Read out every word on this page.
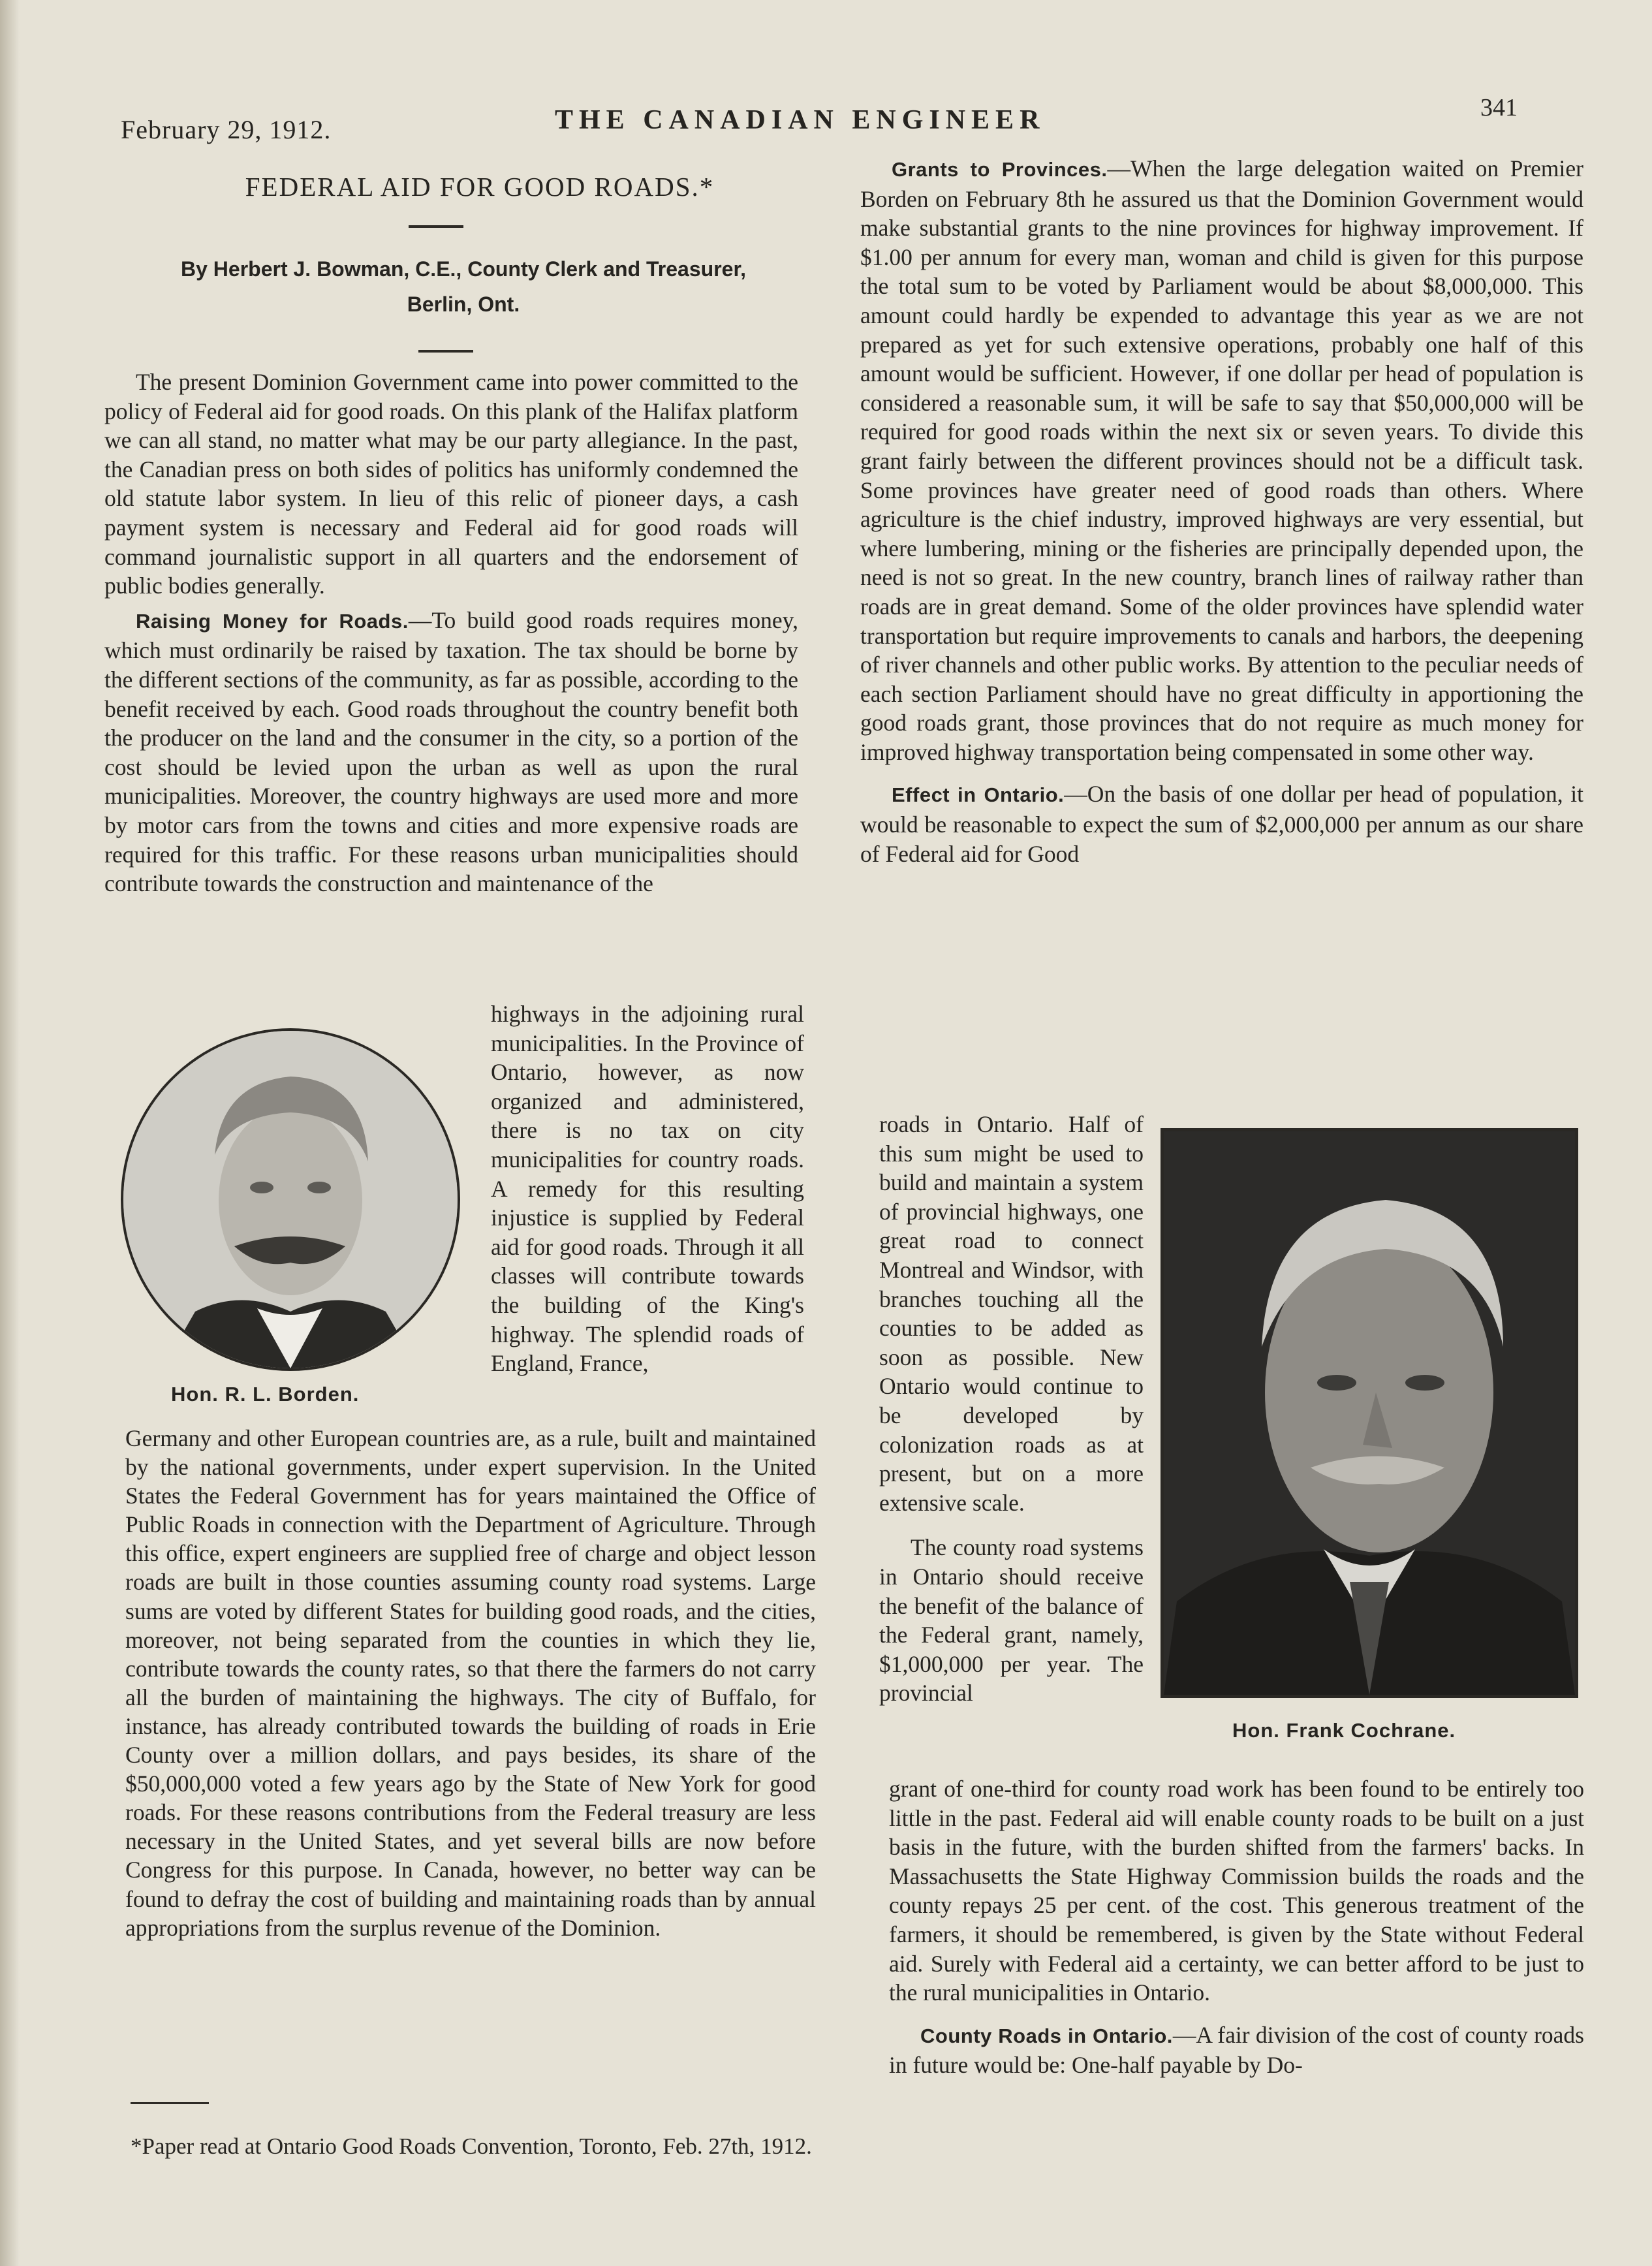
February 29, 1912.	THE CANADIAN ENGINEER	341
FEDERAL AID FOR GOOD ROADS.*
By Herbert J. Bowman, C.E., County Clerk and Treasurer,
Berlin, Ont.

The present Dominion Government came into power committed to the policy of Federal aid for good roads. On this plank of the Halifax platform we can all stand, no matter what may be our party allegiance. In the past, the Canadian press on both sides of politics has uniformly condemned the old statute labor system. In lieu of this relic of pioneer days, a cash payment system is necessary and Federal aid for good roads will command journalistic support in all quarters and the endorsement of public bodies generally.

Raising Money for Roads.—To build good roads requires money, which must ordinarily be raised by taxation. The tax should be borne by the different sections of the community, as far as possible, according to the benefit received by each. Good roads throughout the country benefit both the producer on the land and the consumer in the city, so a portion of the cost should be levied upon the urban as well as upon the rural municipalities. Moreover, the country highways are used more and more by motor cars from the towns and cities and more expensive roads are required for this traffic. For these reasons urban municipalities should contribute towards the construction and maintenance of the

Hon. R. L. Borden.

highways in the adjoining rural municipalities. In the Province of Ontario, however, as now organized and administered, there is no tax on city municipalities for country roads. A remedy for this resulting injustice is supplied by Federal aid for good roads. Through it all classes will contribute towards the building of the King's highway. The splendid roads of England, France,

Germany and other European countries are, as a rule, built and maintained by the national governments, under expert supervision. In the United States the Federal Government has for years maintained the Office of Public Roads in connection with the Department of Agriculture. Through this office, expert engineers are supplied free of charge and object lesson roads are built in those counties assuming county road systems. Large sums are voted by different States for building good roads, and the cities, moreover, not being separated from the counties in which they lie, contribute towards the county rates, so that there the farmers do not carry all the burden of maintaining the highways. The city of Buffalo, for instance, has already contributed towards the building of roads in Erie County over a million dollars, and pays besides, its share of the $50,000,000 voted a few years ago by the State of New York for good roads. For these reasons contributions from the Federal treasury are less necessary in the United States, and yet several bills are now before Congress for this purpose. In Canada, however, no better way can be found to defray the cost of building and maintaining roads than by annual appropriations from the surplus revenue of the Dominion.

*Paper read at Ontario Good Roads Convention, Toronto, Feb. 27th, 1912.

Grants to Provinces.—When the large delegation waited on Premier Borden on February 8th he assured us that the Dominion Government would make substantial grants to the nine provinces for highway improvement. If $1.00 per annum for every man, woman and child is given for this purpose the total sum to be voted by Parliament would be about $8,000,000. This amount could hardly be expended to advantage this year as we are not prepared as yet for such extensive operations, probably one half of this amount would be sufficient. However, if one dollar per head of population is considered a reasonable sum, it will be safe to say that $50,000,000 will be required for good roads within the next six or seven years. To divide this grant fairly between the different provinces should not be a difficult task. Some provinces have greater need of good roads than others. Where agriculture is the chief industry, improved highways are very essential, but where lumbering, mining or the fisheries are principally depended upon, the need is not so great. In the new country, branch lines of railway rather than roads are in great demand. Some of the older provinces have splendid water transportation but require improvements to canals and harbors, the deepening of river channels and other public works. By attention to the peculiar needs of each section Parliament should have no great difficulty in apportioning the good roads grant, those provinces that do not require as much money for improved highway transportation being compensated in some other way.

Effect in Ontario.—On the basis of one dollar per head of population, it would be reasonable to expect the sum of $2,000,000 per annum as our share of Federal aid for Good

Hon. Frank Cochrane.

roads in Ontario. Half of this sum might be used to build and maintain a system of provincial highways, one great road to connect Montreal and Windsor, with branches touching all the counties to be added as soon as possible. New Ontario would continue to be developed by colonization roads as at present, but on a more extensive scale.

The county road systems in Ontario should receive the benefit of the balance of the Federal grant, namely, $1,000,000 per year. The provincial

grant of one-third for county road work has been found to be entirely too little in the past. Federal aid will enable county roads to be built on a just basis in the future, with the burden shifted from the farmers' backs. In Massachusetts the State Highway Commission builds the roads and the county repays 25 per cent. of the cost. This generous treatment of the farmers, it should be remembered, is given by the State without Federal aid. Surely with Federal aid a certainty, we can better afford to be just to the rural municipalities in Ontario.

County Roads in Ontario.—A fair division of the cost of county roads in future would be: One-half payable by Do-
